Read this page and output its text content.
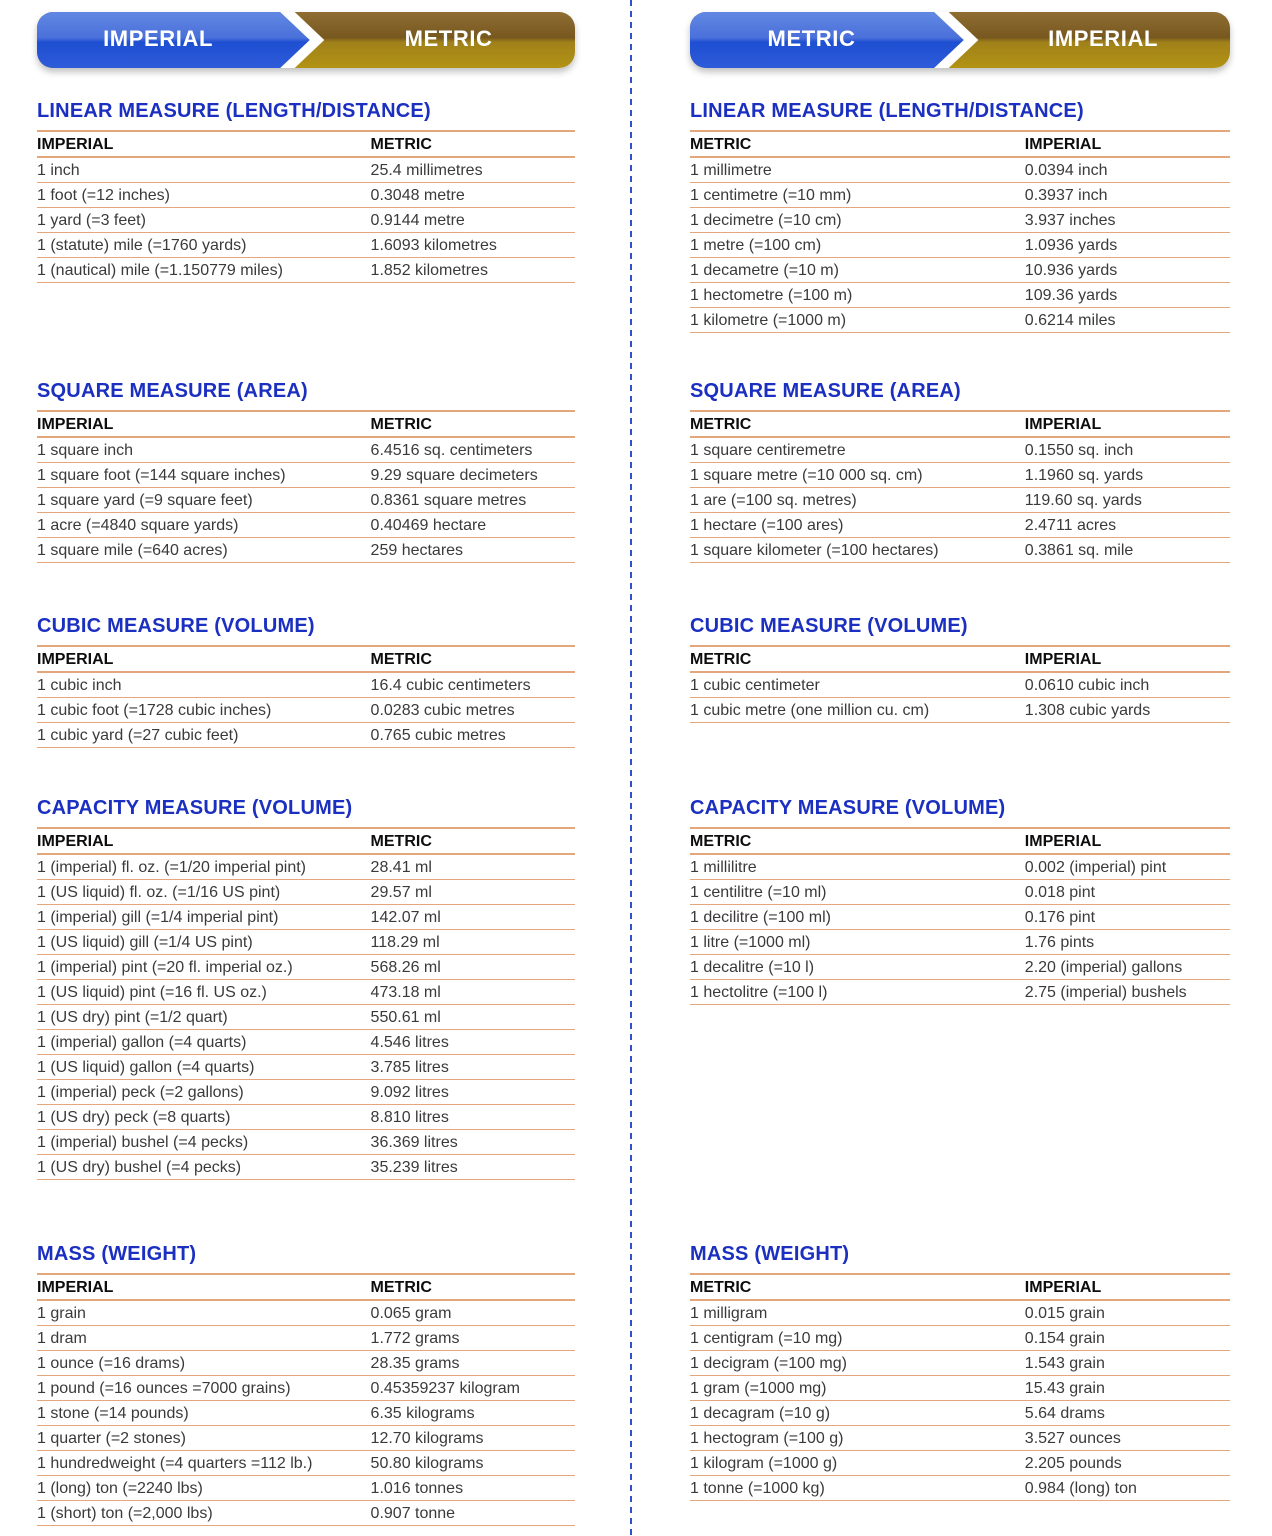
IMPERIAL	METRIC	METRIC	IMPERIAL
LINEAR MEASURE (LENGTH/DISTANCE)
IMPERIAL	METRIC
1 inch	25.4 millimetres
1 foot (=12 inches)	0.3048 metre
1 yard (=3 feet)	0.9144 metre
1 (statute) mile (=1760 yards)	1.6093 kilometres
1 (nautical) mile (=1.150779 miles)	1.852 kilometres
SQUARE MEASURE (AREA)
IMPERIAL	METRIC
1 square inch	6.4516 sq. centimeters
1 square foot (=144 square inches)	9.29 square decimeters
1 square yard (=9 square feet)	0.8361 square metres
1 acre (=4840 square yards)	0.40469 hectare
1 square mile (=640 acres)	259 hectares
CUBIC MEASURE (VOLUME)
IMPERIAL	METRIC
1 cubic inch	16.4 cubic centimeters
1 cubic foot (=1728 cubic inches)	0.0283 cubic metres
1 cubic yard (=27 cubic feet)	0.765 cubic metres
CAPACITY MEASURE (VOLUME)
IMPERIAL	METRIC
1 (imperial) fl. oz. (=1/20 imperial pint)	28.41 ml
1 (US liquid) fl. oz. (=1/16 US pint)	29.57 ml
1 (imperial) gill (=1/4 imperial pint)	142.07 ml
1 (US liquid) gill (=1/4 US pint)	118.29 ml
1 (imperial) pint (=20 fl. imperial oz.)	568.26 ml
1 (US liquid) pint (=16 fl. US oz.)	473.18 ml
1 (US dry) pint (=1/2 quart)	550.61 ml
1 (imperial) gallon (=4 quarts)	4.546 litres
1 (US liquid) gallon (=4 quarts)	3.785 litres
1 (imperial) peck (=2 gallons)	9.092 litres
1 (US dry) peck (=8 quarts)	8.810 litres
1 (imperial) bushel (=4 pecks)	36.369 litres
1 (US dry) bushel (=4 pecks)	35.239 litres
MASS (WEIGHT)
IMPERIAL	METRIC
1 grain	0.065 gram
1 dram	1.772 grams
1 ounce (=16 drams)	28.35 grams
1 pound (=16 ounces =7000 grains)	0.45359237 kilogram
1 stone (=14 pounds)	6.35 kilograms
1 quarter (=2 stones)	12.70 kilograms
1 hundredweight (=4 quarters =112 lb.)	50.80 kilograms
1 (long) ton (=2240 lbs)	1.016 tonnes
1 (short) ton (=2,000 lbs)	0.907 tonne
LINEAR MEASURE (LENGTH/DISTANCE)
METRIC	IMPERIAL
1 millimetre	0.0394 inch
1 centimetre (=10 mm)	0.3937 inch
1 decimetre (=10 cm)	3.937 inches
1 metre (=100 cm)	1.0936 yards
1 decametre (=10 m)	10.936 yards
1 hectometre (=100 m)	109.36 yards
1 kilometre (=1000 m)	0.6214 miles
SQUARE MEASURE (AREA)
METRIC	IMPERIAL
1 square centiremetre	0.1550 sq. inch
1 square metre (=10 000 sq. cm)	1.1960 sq. yards
1 are (=100 sq. metres)	119.60 sq. yards
1 hectare (=100 ares)	2.4711 acres
1 square kilometer (=100 hectares)	0.3861 sq. mile
CUBIC MEASURE (VOLUME)
METRIC	IMPERIAL
1 cubic centimeter	0.0610 cubic inch
1 cubic metre (one million cu. cm)	1.308 cubic yards
CAPACITY MEASURE (VOLUME)
METRIC	IMPERIAL
1 millilitre	0.002 (imperial) pint
1 centilitre (=10 ml)	0.018 pint
1 decilitre (=100 ml)	0.176 pint
1 litre (=1000 ml)	1.76 pints
1 decalitre (=10 l)	2.20 (imperial) gallons
1 hectolitre (=100 l)	2.75 (imperial) bushels
MASS (WEIGHT)
METRIC	IMPERIAL
1 milligram	0.015 grain
1 centigram (=10 mg)	0.154 grain
1 decigram (=100 mg)	1.543 grain
1 gram (=1000 mg)	15.43 grain
1 decagram (=10 g)	5.64 drams
1 hectogram (=100 g)	3.527 ounces
1 kilogram (=1000 g)	2.205 pounds
1 tonne (=1000 kg)	0.984 (long) ton
